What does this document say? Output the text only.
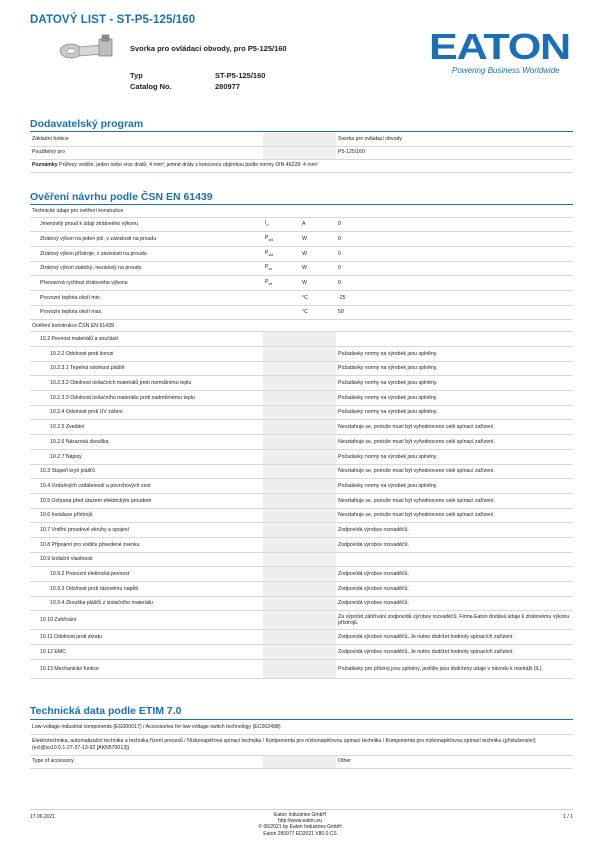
DATOVÝ LIST - ST-P5-125/160
Svorka pro ovládací obvody, pro P5-125/160
Typ	ST-P5-125/160
Catalog No.	280977
EATON
Powering Business Worldwide
Dodavatelský program
Základní funkce			Svorka pro ovládací obvody
Použitelný pro			P5-125/160
Poznámky Průřezy vodiče: jeden nebo více drátů: 4 mm²; jemné dráty s koncovou objímkou podle normy DIN 46228: 4 mm²			
Ověření návrhu podle ČSN EN 61439
Technické údaje pro ověření konstrukce			
Jmenovitý proud k údaji ztrátového výkonu	$I_n$	A	0
Ztrátový výkon na jeden pól, v závislosti na proudu	$P_{vid}$	W	0
Ztrátový výkon přístroje, v závislosti na proudu	$P_{vid}$	W	0
Ztrátový výkon statický, nezávislý na proudu	$P_{vs}$	W	0
Přenosová rychlost ztrátového výkonu	$P_{ve}$	W	0
Provozní teplota okolí min.		°C	-25
Provozní teplota okolí max.		°C	50
Ověření konstrukce ČSN EN 61439			
10.2 Pevnost materiálů a součástí			
10.2.2 Odolnost proti korozi			Požadavky normy na výrobek jsou splněny.
10.2.3.1 Tepelná odolnost pláště			Požadavky normy na výrobek jsou splněny.
10.2.3.2 Odolnost izolačních materiálů proti normálnímu teplu			Požadavky normy na výrobek jsou splněny.
10.2.3.3 Odolnost izolačního materiálu proti nadměrnému teplu			Požadavky normy na výrobek jsou splněny.
10.2.4 Odolnost proti UV záření			Požadavky normy na výrobek jsou splněny.
10.2.5 Zvedání			Nevztahuje se, protože musí být vyhodnoceno celé spínací zařízení.
10.2.6 Nárazová zkouška			Nevztahuje se, protože musí být vyhodnoceno celé spínací zařízení.
10.2.7 Nápisy			Požadavky normy na výrobek jsou splněny.
10.3 Stupeň krytí plášťů			Nevztahuje se, protože musí být vyhodnoceno celé spínací zařízení.
10.4 Vzdušných vzdáleností a povrchových cest			Požadavky normy na výrobek jsou splněny.
10.5 Ochrana před úrazem elektrickým proudem			Nevztahuje se, protože musí být vyhodnoceno celé spínací zařízení.
10.6 Instalace přístrojů			Nevztahuje se, protože musí být vyhodnoceno celé spínací zařízení.
10.7 Vnitřní proudové okruhy a spojení			Zodpovídá výrobce rozvaděčů.
10.8 Připojení pro vodiče přivedené zvenku			Zodpovídá výrobce rozvaděčů.
10.9 Izolační vlastnosti			
10.9.2 Provozní elektrická pevnost			Zodpovídá výrobce rozvaděčů.
10.9.3 Odolnost proti rázovému napětí			Zodpovídá výrobce rozvaděčů.
10.9.4 Zkouška plášťů z izolačního materiálu			Zodpovídá výrobce rozvaděčů.
10.10 Zahřívání			Za výpočet zahřívání zodpovídá výrobce rozvaděčů. Firma Eaton dodává údaje k ztrátovému výkonu přístrojů.
10.11 Odolnost proti zkratu			Zodpovídá výrobce rozvaděčů. Je nutno dodržet hodnoty spínacích zařízení.
10.12 EMC			Zodpovídá výrobce rozvaděčů. Je nutno dodržet hodnoty spínacích zařízení.
10.13 Mechanické funkce			Požadavky pro přístroj jsou splněny, jestliže jsou dodrženy údaje v návodu k montáži (IL).
Technická data podle ETIM 7.0
Low-voltage industrial components (EG000017) / Accessories for low-voltage switch technology (EC002498)
Elektrotechnika, automatizační technika a technika řízení procesů / Nízkonapěťová spínací technika / Komponenta pro nízkonapěťovou spínací techniku / Komponenta pro nízkonapěťovou spínací techniku (příslušenství) (ecl@ss10.0.1-27-37-13-92 [AKN570013])
Type of accessory			Other
17.06.2021	Eaton Industries GmbH
http://www.eaton.eu
© 06/2021 by Eaton Industries GmbH
Eaton 280977 ED2021 V80.0 CS
1 / 1
